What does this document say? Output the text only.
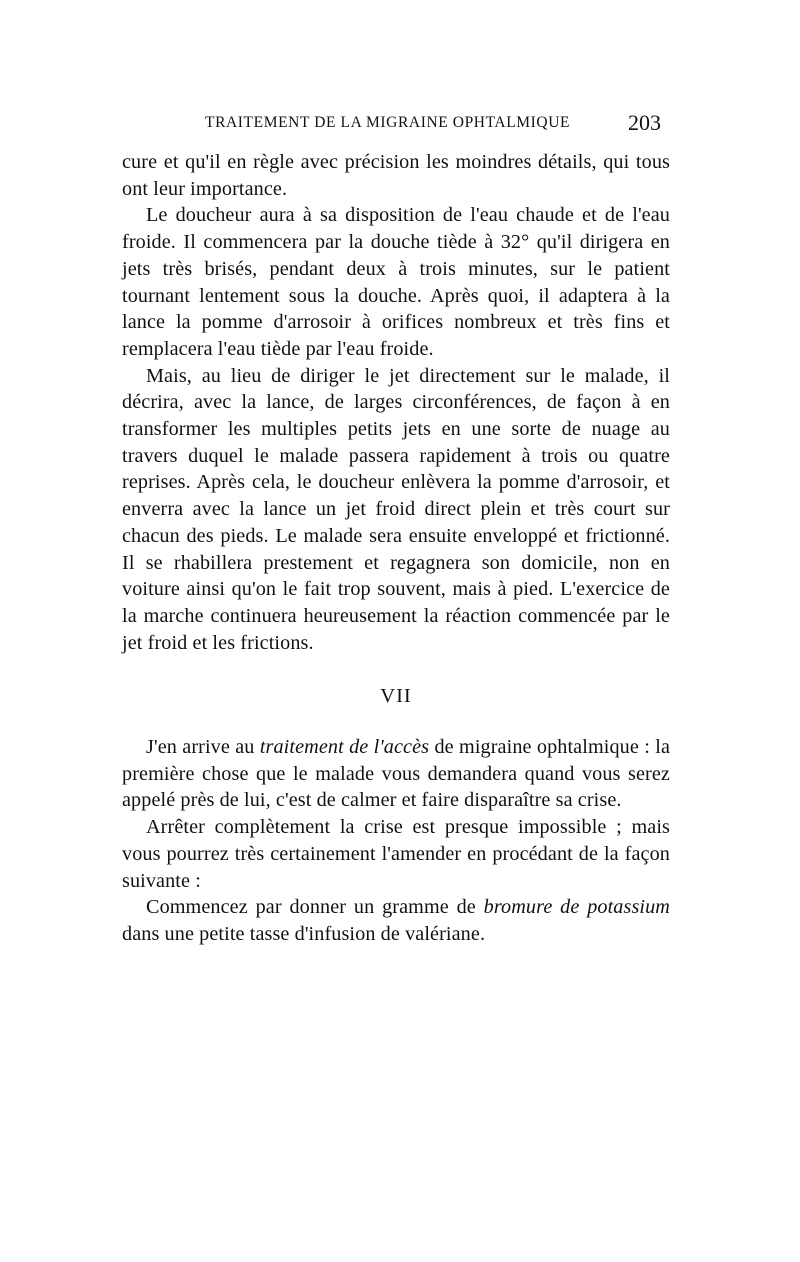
TRAITEMENT DE LA MIGRAINE OPHTALMIQUE	203

cure et qu'il en règle avec précision les moindres détails, qui tous ont leur importance.

Le doucheur aura à sa disposition de l'eau chaude et de l'eau froide. Il commencera par la douche tiède à 32° qu'il dirigera en jets très brisés, pendant deux à trois minutes, sur le patient tournant lentement sous la douche. Après quoi, il adaptera à la lance la pomme d'arrosoir à orifices nombreux et très fins et remplacera l'eau tiède par l'eau froide.

Mais, au lieu de diriger le jet directement sur le malade, il décrira, avec la lance, de larges circonférences, de façon à en transformer les multiples petits jets en une sorte de nuage au travers duquel le malade passera rapidement à trois ou quatre reprises. Après cela, le doucheur enlèvera la pomme d'arrosoir, et enverra avec la lance un jet froid direct plein et très court sur chacun des pieds. Le malade sera ensuite enveloppé et frictionné. Il se rhabillera prestement et regagnera son domicile, non en voiture ainsi qu'on le fait trop souvent, mais à pied. L'exercice de la marche continuera heureusement la réaction commencée par le jet froid et les frictions.

VII

J'en arrive au traitement de l'accès de migraine ophtalmique : la première chose que le malade vous demandera quand vous serez appelé près de lui, c'est de calmer et faire disparaître sa crise.

Arrêter complètement la crise est presque impossible ; mais vous pourrez très certainement l'amender en procédant de la façon suivante :

Commencez par donner un gramme de bromure de potassium dans une petite tasse d'infusion de valériane.
